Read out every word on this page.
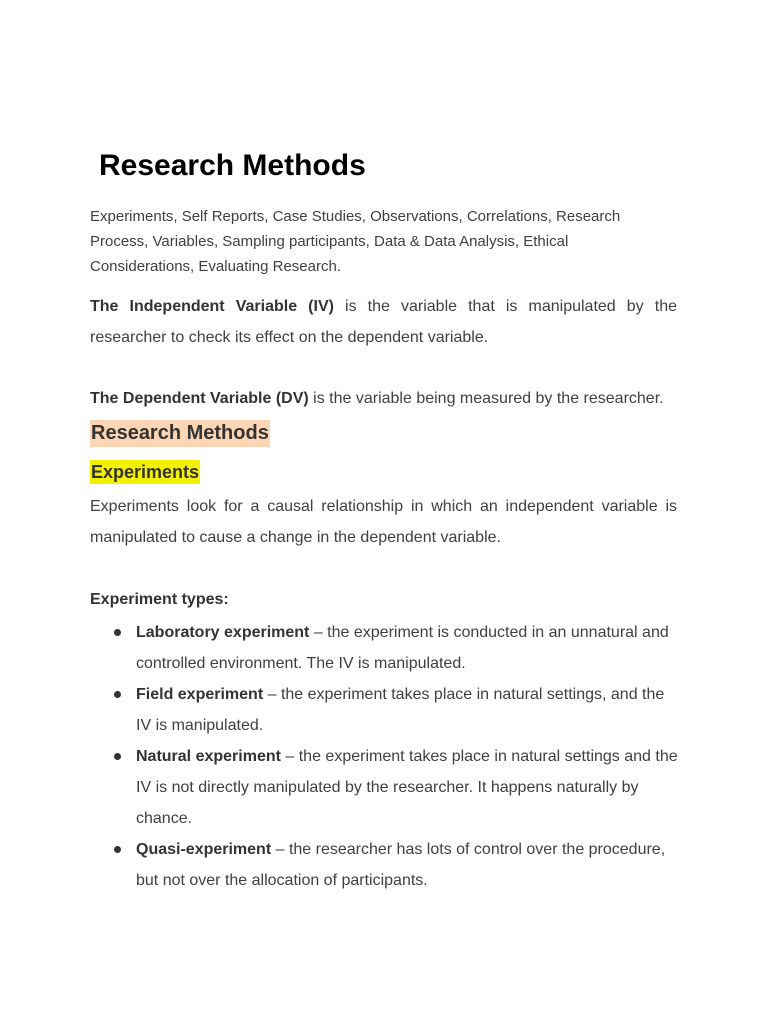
Research Methods

Experiments, Self Reports, Case Studies, Observations, Correlations, Research Process, Variables, Sampling participants, Data & Data Analysis, Ethical Considerations, Evaluating Research.

The Independent Variable (IV) is the variable that is manipulated by the researcher to check its effect on the dependent variable.

The Dependent Variable (DV) is the variable being measured by the researcher.

Research Methods
Experiments

Experiments look for a causal relationship in which an independent variable is manipulated to cause a change in the dependent variable.

Experiment types:

Laboratory experiment – the experiment is conducted in an unnatural and controlled environment. The IV is manipulated.
Field experiment – the experiment takes place in natural settings, and the IV is manipulated.
Natural experiment – the experiment takes place in natural settings and the IV is not directly manipulated by the researcher. It happens naturally by chance.
Quasi-experiment – the researcher has lots of control over the procedure, but not over the allocation of participants.
